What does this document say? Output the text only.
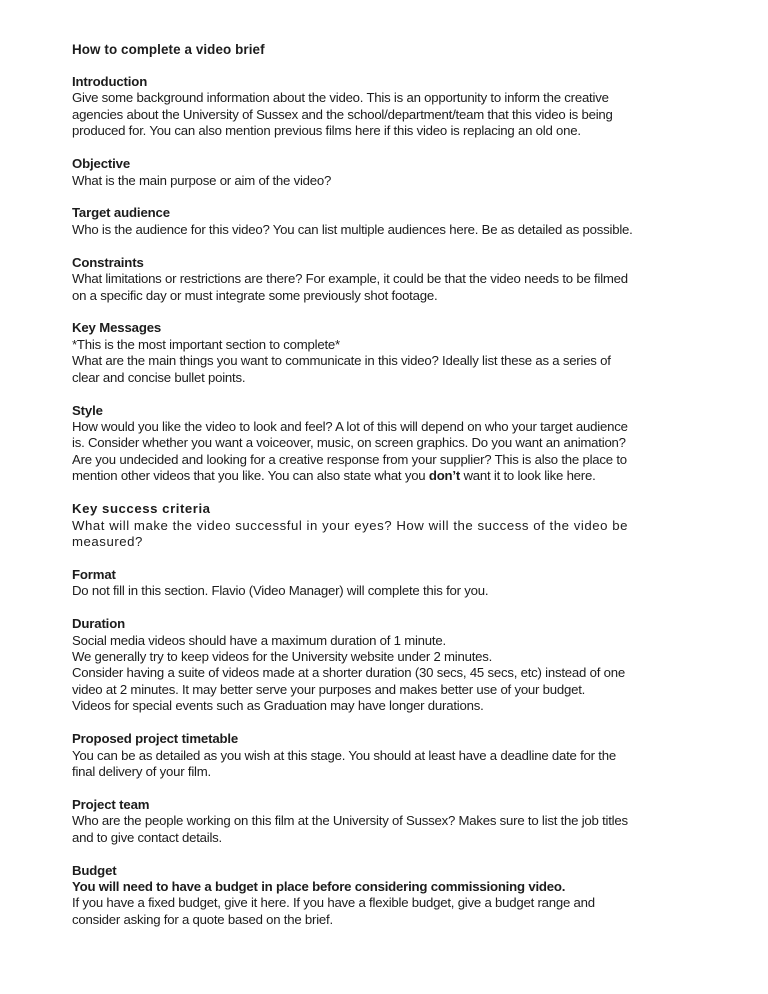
How to complete a video brief
Introduction
Give some background information about the video. This is an opportunity to inform the creative
agencies about the University of Sussex and the school/department/team that this video is being
produced for. You can also mention previous films here if this video is replacing an old one.
Objective
What is the main purpose or aim of the video?
Target audience
Who is the audience for this video? You can list multiple audiences here. Be as detailed as possible.
Constraints
What limitations or restrictions are there? For example, it could be that the video needs to be filmed
on a specific day or must integrate some previously shot footage.
Key Messages
*This is the most important section to complete*
What are the main things you want to communicate in this video? Ideally list these as a series of
clear and concise bullet points.
Style
How would you like the video to look and feel? A lot of this will depend on who your target audience
is. Consider whether you want a voiceover, music, on screen graphics. Do you want an animation?
Are you undecided and looking for a creative response from your supplier? This is also the place to
mention other videos that you like. You can also state what you don’t want it to look like here.
Key success criteria
What will make the video successful in your eyes? How will the success of the video be
measured?
Format
Do not fill in this section. Flavio (Video Manager) will complete this for you.
Duration
Social media videos should have a maximum duration of 1 minute.
We generally try to keep videos for the University website under 2 minutes.
Consider having a suite of videos made at a shorter duration (30 secs, 45 secs, etc) instead of one
video at 2 minutes. It may better serve your purposes and makes better use of your budget.
Videos for special events such as Graduation may have longer durations.
Proposed project timetable
You can be as detailed as you wish at this stage. You should at least have a deadline date for the
final delivery of your film.
Project team
Who are the people working on this film at the University of Sussex? Makes sure to list the job titles
and to give contact details.
Budget
You will need to have a budget in place before considering commissioning video.
If you have a fixed budget, give it here. If you have a flexible budget, give a budget range and
consider asking for a quote based on the brief.
